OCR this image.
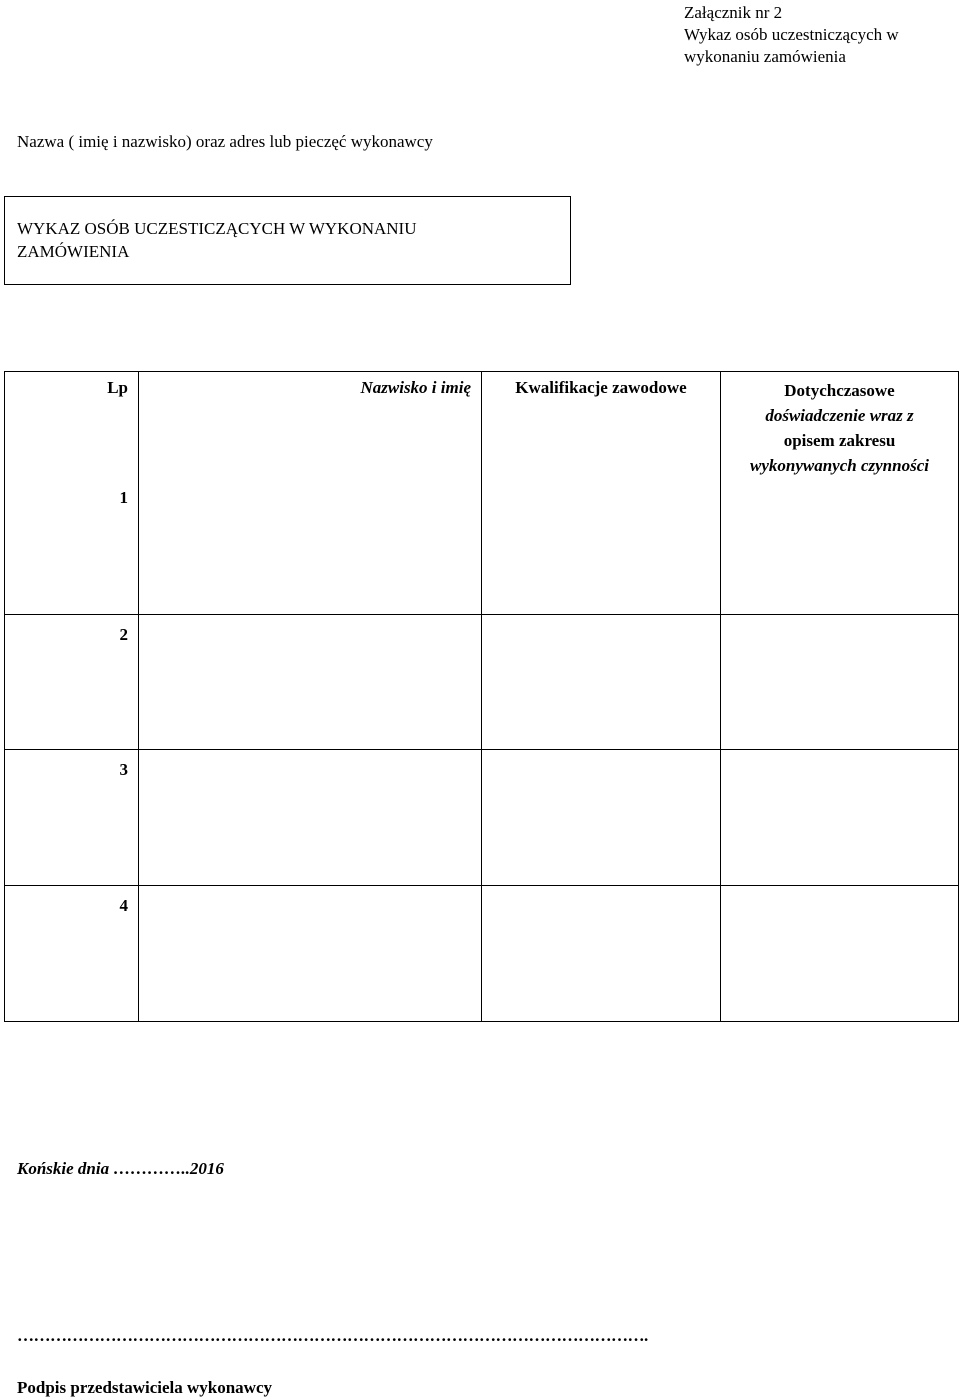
Załącznik nr 2
Wykaz osób uczestniczących w
wykonaniu zamówienia
Nazwa ( imię i nazwisko) oraz adres lub pieczęć wykonawcy
WYKAZ OSÓB UCZESTICZĄCYCH W WYKONANIU
ZAMÓWIENIA
Lp	Nazwisko i imię	Kwalifikacje zawodowe	Dotychczasowe
doświadczenie wraz z
opisem zakresu
wykonywanych czynności

1			
2			
3			
4			
Końskie dnia …………..2016
…………………………………………………………………………………………………….
Podpis przedstawiciela wykonawcy
